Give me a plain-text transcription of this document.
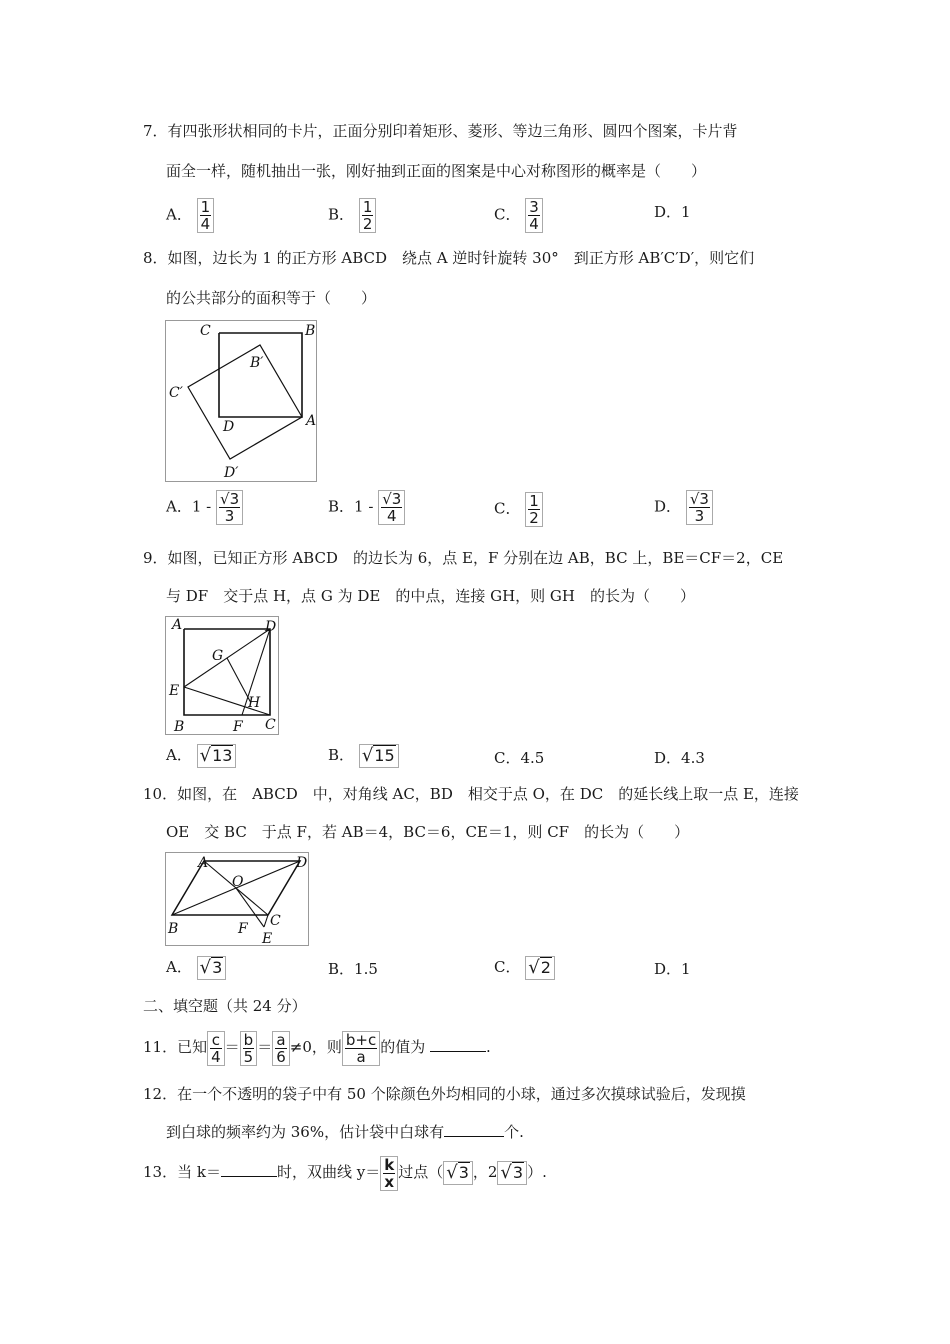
7．有四张形状相同的卡片，正面分别印着矩形、菱形、等边三角形、圆四个图案，卡片背
面全一样，随机抽出一张，刚好抽到正面的图案是中心对称图形的概率是（　　）
A． $\frac{1}{4}$	B． $\frac{1}{2}$	C． $\frac{3}{4}$	D．1
8．如图，边长为 1 的正方形 ABCD　绕点 A 逆时针旋转 30°　到正方形 AB′C′D′，则它们
的公共部分的面积等于（　　）
C	B
B′
C′
D	A
D′
A．$1 - \frac{√3}{3}$	B．$1 - \frac{√3}{4}$	C． $\frac{1}{2}$	D． $\frac{√3}{3}$
9．如图，已知正方形 ABCD　的边长为 6，点 E，F 分别在边 AB，BC 上，BE＝CF＝2，CE
与 DF　交于点 H，点 G 为 DE　的中点，连接 GH，则 GH　的长为（　　）
A	D
G
E
H
B	F C
A． √13	B． √15	C．4.5	D．4.3
10．如图，在　ABCD　中，对角线 AC，BD　相交于点 O，在 DC　的延长线上取一点 E，连接
OE　交 BC　于点 F，若 AB＝4，BC＝6，CE＝1，则 CF　的长为（　　）
A	D
O
B	F C
E
A． √3	B．1.5	C． √2	D．1
二、填空题（共 24 分）
11．已知 $\frac{c}{4} = \frac{b}{5} = \frac{a}{6} \ne 0$，则 $\frac{b+c}{a}$ 的值为	.
12．在一个不透明的袋子中有 50 个除颜色外均相同的小球，通过多次摸球试验后，发现摸
到白球的频率约为 36%，估计袋中白球有	个.
13．当 k＝	时，双曲线 $y= \frac{k}{x}$ 过点（ √3 ，2 √3 ）.
